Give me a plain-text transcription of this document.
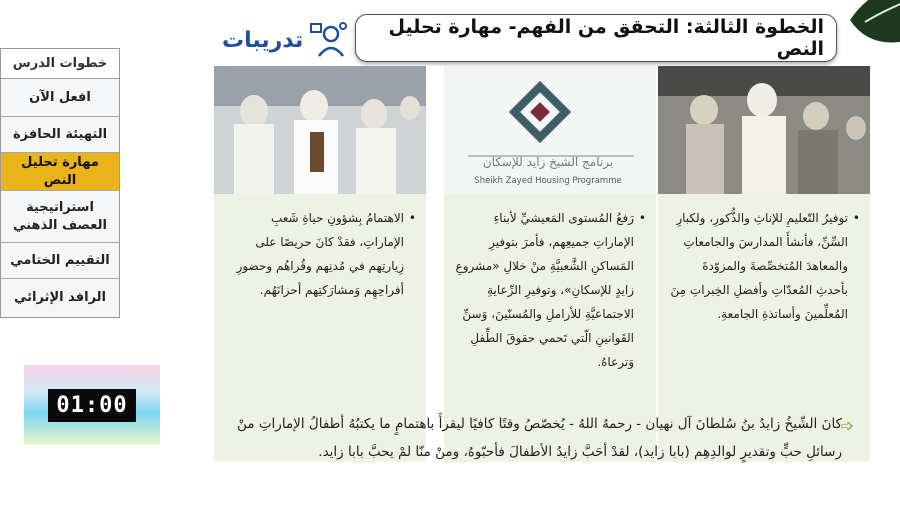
تدريبات
الخطوة الثالثة: التحقق من الفهم- مهارة تحليل النص
خطوات الدرس
افعل الآن
التهيئة الحافزة
مهارة تحليل النص
استراتيجية العصف الذهني
التقييم الختامي
الرافد الإثرائي
01:00
• الاهتمامُ بِشؤونِ حياةِ شَعبِ الإماراتِ، فقدْ كانَ حريصًا على زِيارتِهم في مُدنِهم وقُراهُم وحضورِ أفراحِهِم وَمشارَكتِهم أحزانَهُم.
برنامج الشيخ زايد للإسكان
Sheikh Zayed Housing Programme
• رَفعُ المُستوى المَعيشيِّ لأبناءِ الإماراتِ جميعِهم، فأمرَ بتوفيرِ المَساكنِ الشَّعبيَّةِ منْ خلالِ «مشروعِ زايدٍ للإسكانِ»، وتوفيرِ الرِّعايةِ الاجتماعيَّةِ للأراملِ والمُسنّينَ، وَسنِّ القَوانينِ الّتي تَحمي حقوقَ الطِّفلِ وَترعاهُ.
• توفيرُ التّعليمِ للإناثِ والذُّكورِ، ولكبارِ السِّنِّ، فأنشأَ المدارسَ والجامعاتِ والمعاهدَ المُتخصِّصةَ والمزوّدةَ بأحدثِ المُعدّاتِ وأفضلِ الخِبراتِ مِنَ المُعلِّمينَ وأساتذةِ الجامعةِ.
➩
كانَ الشّيخُ زايدُ بنُ سُلطانَ آل نهيان - رحمهُ اللهُ - يُخصّصُ وقتًا كافيًا ليقرأَ باهتمامٍ ما يكتبُهُ أطفالُ الإماراتِ منْ رسائلِ حبٍّ وتقديرٍ لوالدِهِم (بابا زايد)، لقدْ أحَبَّ زايدُ الأطفالَ فأحبّوهُ، ومنْ منّا لمْ يحبَّ بابا زايد.
